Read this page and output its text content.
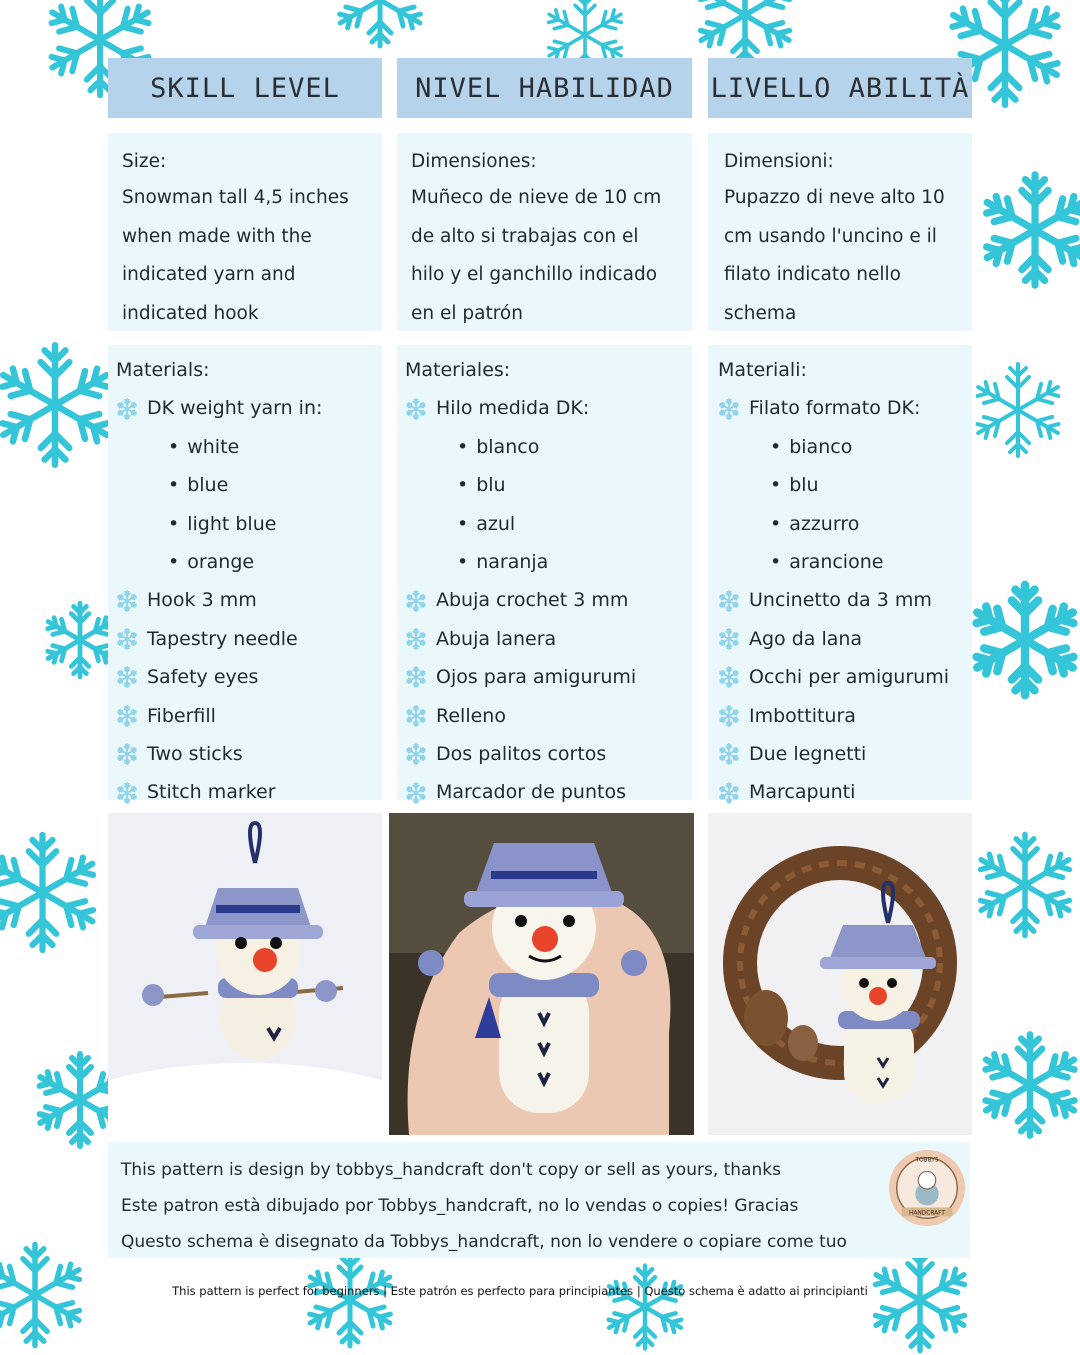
SKILL LEVEL	NIVEL HABILIDAD	LIVELLO ABILITÀ
Size:
Snowman tall 4,5 inches
when made with the
indicated yarn and
indicated hook
Dimensiones:
Muñeco de nieve de 10 cm
de alto si trabajas con el
hilo y el ganchillo indicado
en el patrón
Dimensioni:
Pupazzo di neve alto 10
cm usando l'uncino e il
filato indicato nello
schema
Materials:
DK weight yarn in:
• white
• blue
• light blue
• orange
Hook 3 mm
Tapestry needle
Safety eyes
Fiberfill
Two sticks
Stitch marker
Materiales:
Hilo medida DK:
• blanco
• blu
• azul
• naranja
Abuja crochet 3 mm
Abuja lanera
Ojos para amigurumi
Relleno
Dos palitos cortos
Marcador de puntos
Materiali:
Filato formato DK:
• bianco
• blu
• azzurro
• arancione
Uncinetto da 3 mm
Ago da lana
Occhi per amigurumi
Imbottitura
Due legnetti
Marcapunti
This pattern is design by tobbys_handcraft don't copy or sell as yours, thanks
Este patron està dibujado por Tobbys_handcraft, no lo vendas o copies! Gracias
Questo schema è disegnato da Tobbys_handcraft, non lo vendere o copiare come tuo
TOBBYS
HANDCRAFT
This pattern is perfect for beginners | Este patrón es perfecto para principiantes | Questo schema è adatto ai principianti
